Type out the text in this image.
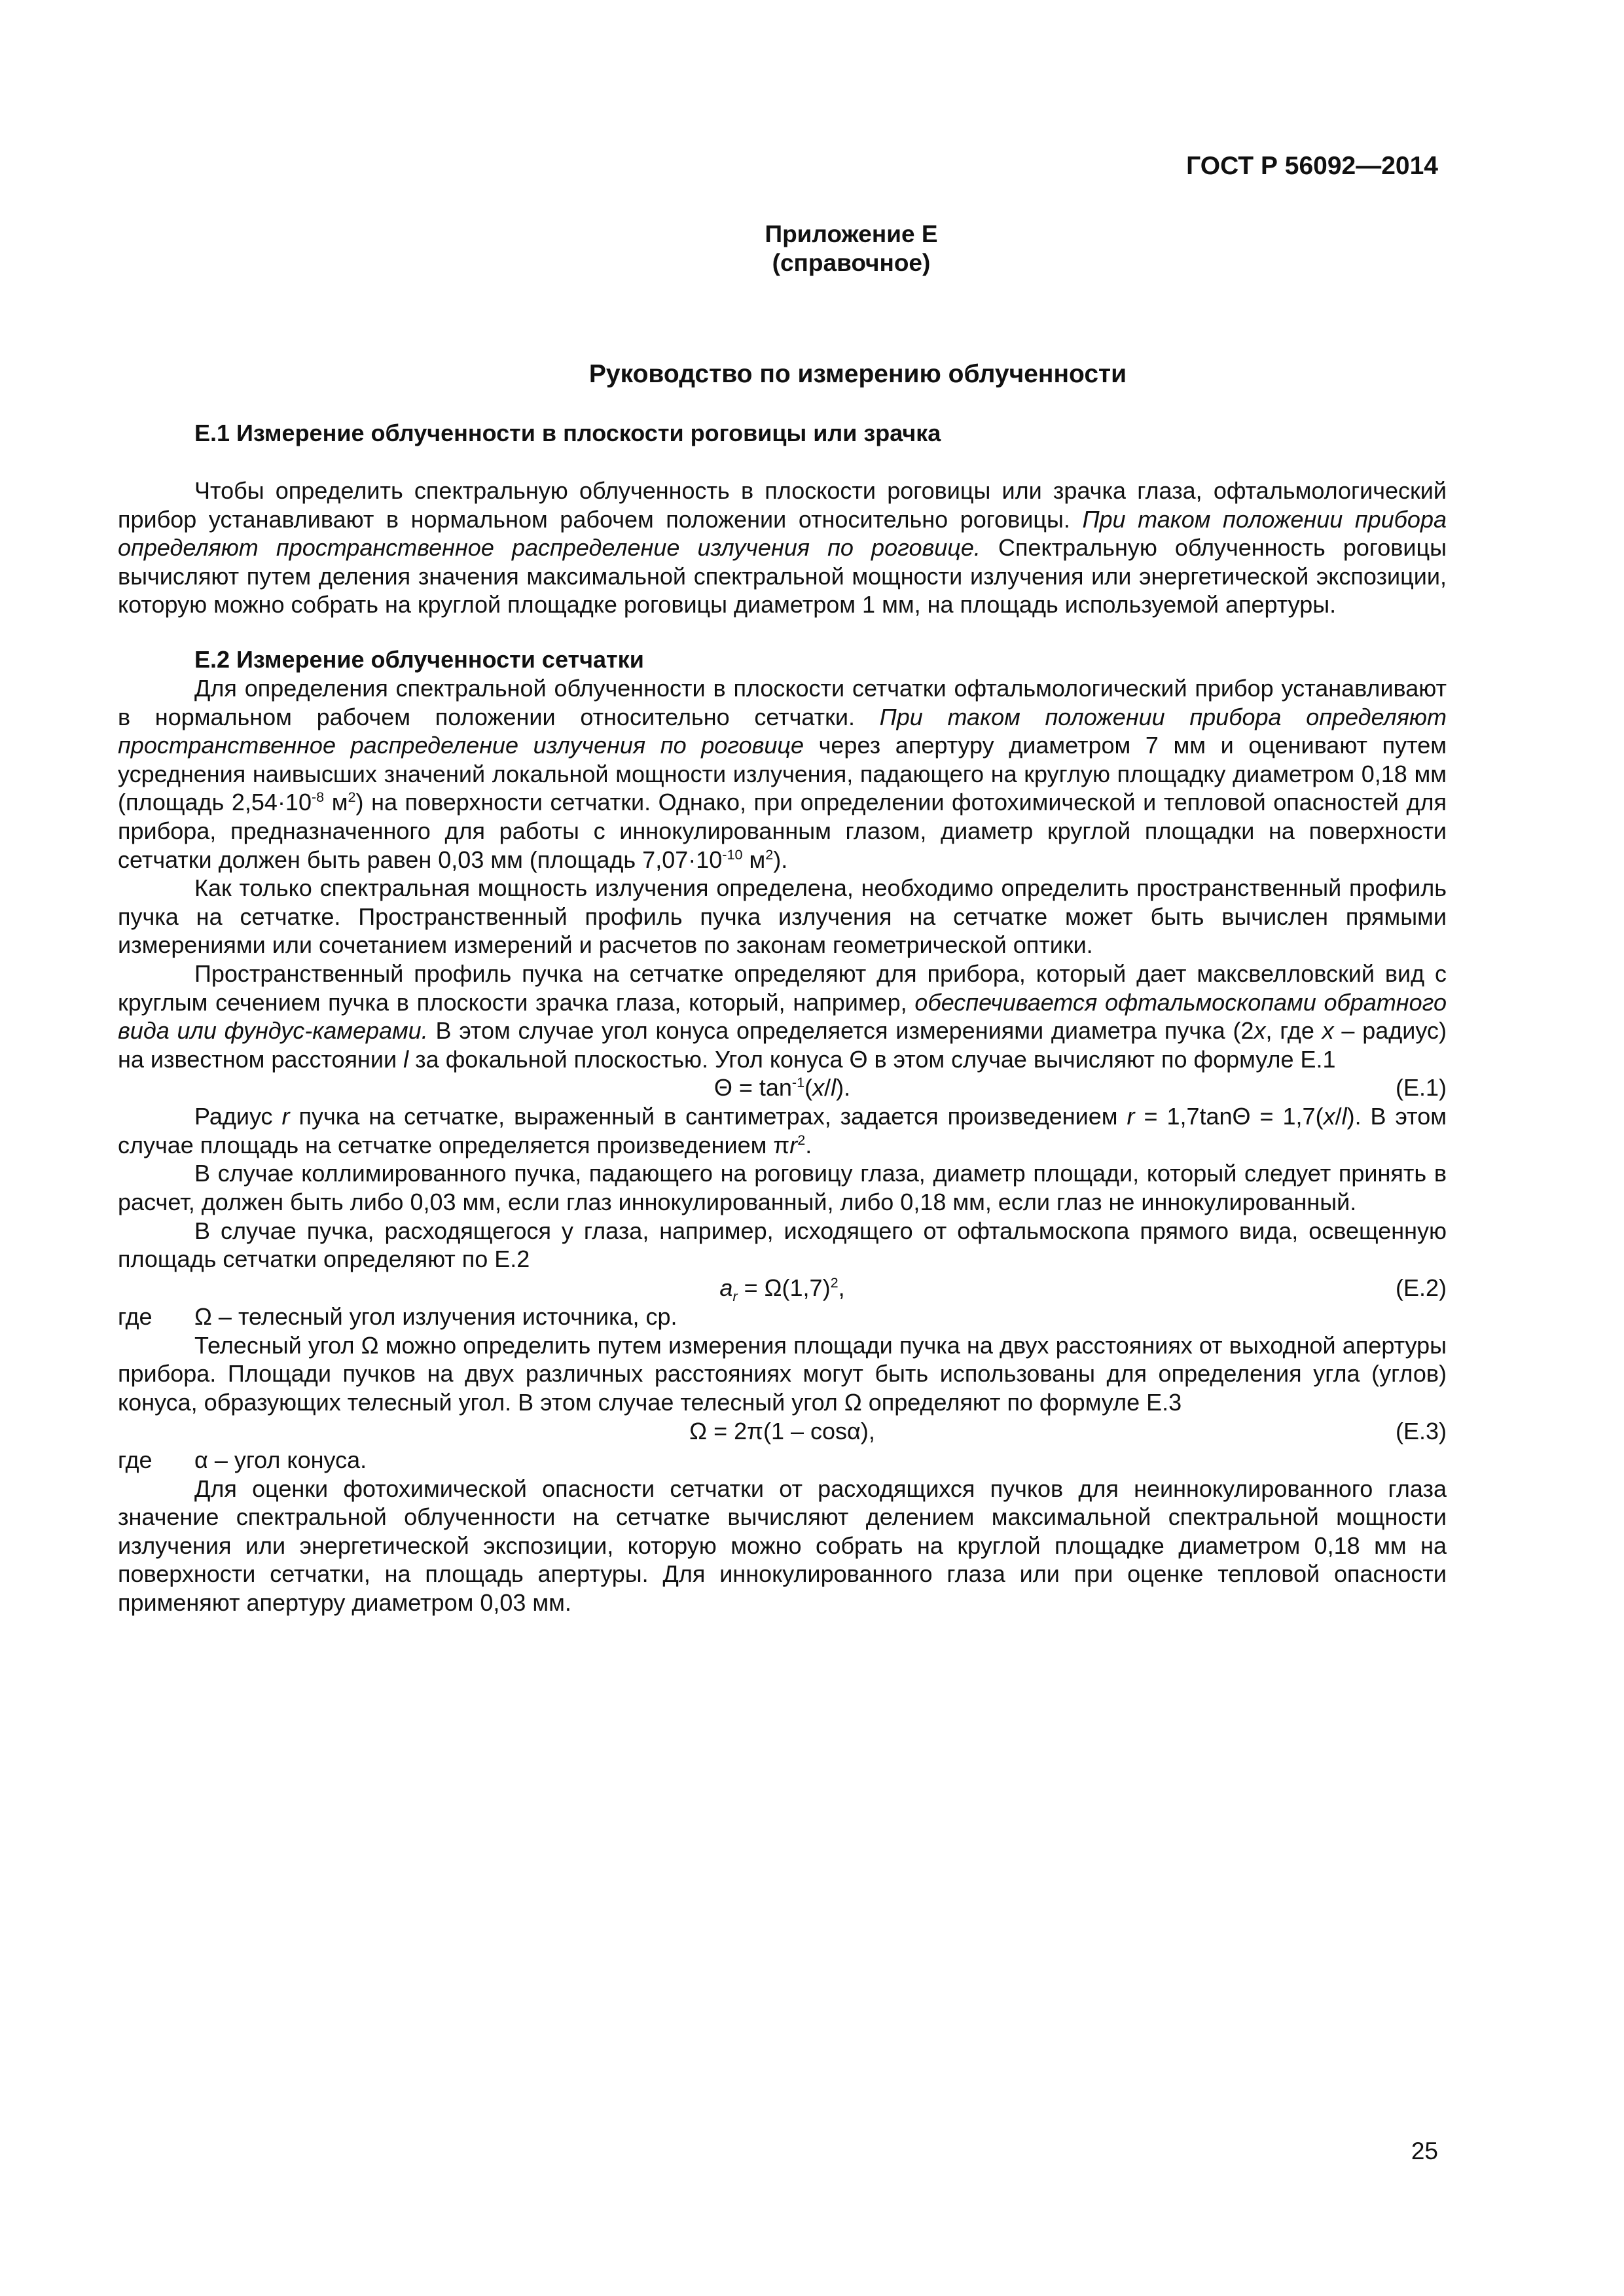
ГОСТ Р 56092—2014
Приложение Е
(справочное)
Руководство по измерению облученности
Е.1 Измерение облученности в плоскости роговицы или зрачка

Чтобы определить спектральную облученность в плоскости роговицы или зрачка глаза, офтальмологический прибор устанавливают в нормальном рабочем положении относительно роговицы. При таком положении прибора определяют пространственное распределение излучения по роговице. Спектральную облученность роговицы вычисляют путем деления значения максимальной спектральной мощности излучения или энергетической экспозиции, которую можно собрать на круглой площадке роговицы диаметром 1 мм, на площадь используемой апертуры.

Е.2 Измерение облученности сетчатки

Для определения спектральной облученности в плоскости сетчатки офтальмологический прибор устанавливают в нормальном рабочем положении относительно сетчатки. При таком положении прибора определяют пространственное распределение излучения по роговице через апертуру диаметром 7 мм и оценивают путем усреднения наивысших значений локальной мощности излучения, падающего на круглую площадку диаметром 0,18 мм (площадь $2,54\cdot 10^{-8}$ $м^2$) на поверхности сетчатки. Однако, при определении фотохимической и тепловой опасностей для прибора, предназначенного для работы с иннокулированным глазом, диаметр круглой площадки на поверхности сетчатки должен быть равен 0,03 мм (площадь $7,07\cdot 10^{-10}$ $м^2$).

Как только спектральная мощность излучения определена, необходимо определить пространственный профиль пучка на сетчатке. Пространственный профиль пучка излучения на сетчатке может быть вычислен прямыми измерениями или сочетанием измерений и расчетов по законам геометрической оптики.

Пространственный профиль пучка на сетчатке определяют для прибора, который дает максвелловский вид с круглым сечением пучка в плоскости зрачка глаза, который, например, обеспечивается офтальмоскопами обратного вида или фундус-камерами. В этом случае угол конуса определяется измерениями диаметра пучка (2x, где x – радиус) на известном расстоянии l за фокальной плоскостью. Угол конуса Θ в этом случае вычисляют по формуле Е.1

$\Theta = \tan^{-1}(x/l)$.	(Е.1)

Радиус r пучка на сетчатке, выраженный в сантиметрах, задается произведением r = 1,7tanΘ = 1,7(x/l). В этом случае площадь на сетчатке определяется произведением $\pi r^2$.

В случае коллимированного пучка, падающего на роговицу глаза, диаметр площади, который следует принять в расчет, должен быть либо 0,03 мм, если глаз иннокулированный, либо 0,18 мм, если глаз не иннокулированный.

В случае пучка, расходящегося у глаза, например, исходящего от офтальмоскопа прямого вида, освещенную площадь сетчатки определяют по Е.2

$a_r = \Omega(1,7)^2$,	(Е.2)
где	Ω – телесный угол излучения источника, ср.

Телесный угол Ω можно определить путем измерения площади пучка на двух расстояниях от выходной апертуры прибора. Площади пучков на двух различных расстояниях могут быть использованы для определения угла (углов) конуса, образующих телесный угол. В этом случае телесный угол Ω определяют по формуле Е.3

Ω = 2π(1 – cosα),	(Е.3)
где	α – угол конуса.

Для оценки фотохимической опасности сетчатки от расходящихся пучков для неиннокулированного глаза значение спектральной облученности на сетчатке вычисляют делением максимальной спектральной мощности излучения или энергетической экспозиции, которую можно собрать на круглой площадке диаметром 0,18 мм на поверхности сетчатки, на площадь апертуры. Для иннокулированного глаза или при оценке тепловой опасности применяют апертуру диаметром 0,03 мм.

25
